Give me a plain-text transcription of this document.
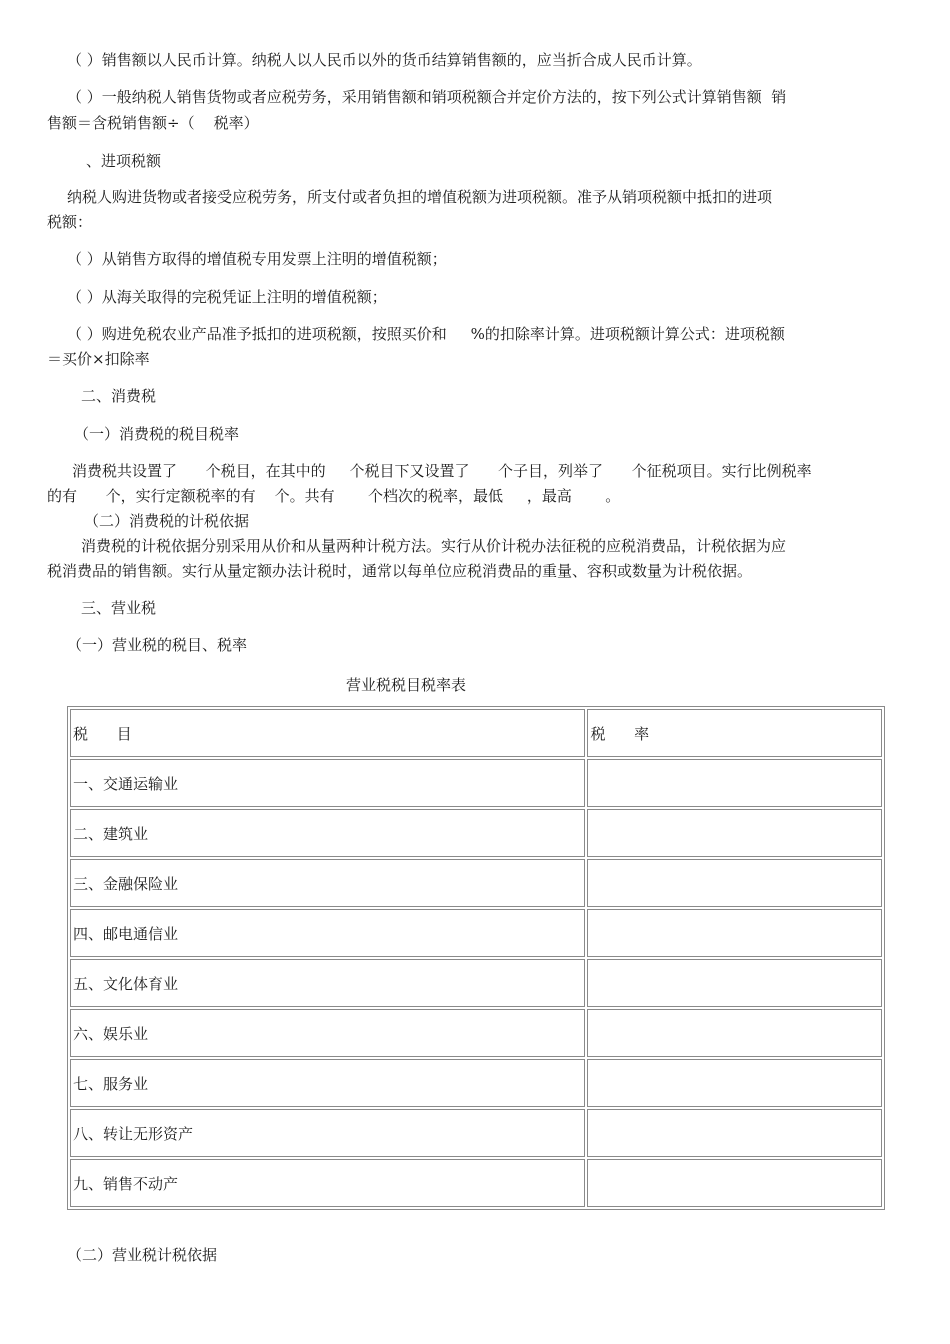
（ ）销售额以人民币计算。纳税人以人民币以外的货币结算销售额的，应当折合成人民币计算。

（ ）一般纳税人销售货物或者应税劳务，采用销售额和销项税额合并定价方法的，按下列公式计算销售额  销

售额＝含税销售额÷（    税率）

、进项税额

纳税人购进货物或者接受应税劳务，所支付或者负担的增值税额为进项税额。准予从销项税额中抵扣的进项

税额：

（ ）从销售方取得的增值税专用发票上注明的增值税额；

（ ）从海关取得的完税凭证上注明的增值税额；

（ ）购进免税农业产品准予抵扣的进项税额，按照买价和     %的扣除率计算。进项税额计算公式：进项税额

＝买价×扣除率

二、消费税

（一）消费税的税目税率

消费税共设置了      个税目，在其中的     个税目下又设置了      个子目，列举了      个征税项目。实行比例税率

的有      个，实行定额税率的有    个。共有       个档次的税率，最低     ，最高       。

（二）消费税的计税依据

消费税的计税依据分别采用从价和从量两种计税方法。实行从价计税办法征税的应税消费品，计税依据为应

税消费品的销售额。实行从量定额办法计税时，通常以每单位应税消费品的重量、容积或数量为计税依据。

三、营业税

（一）营业税的税目、税率

营业税税目税率表

税      目	税      率
一、交通运输业	
二、建筑业	
三、金融保险业	
四、邮电通信业	
五、文化体育业	
六、娱乐业	
七、服务业	
八、转让无形资产	
九、销售不动产	

（二）营业税计税依据
